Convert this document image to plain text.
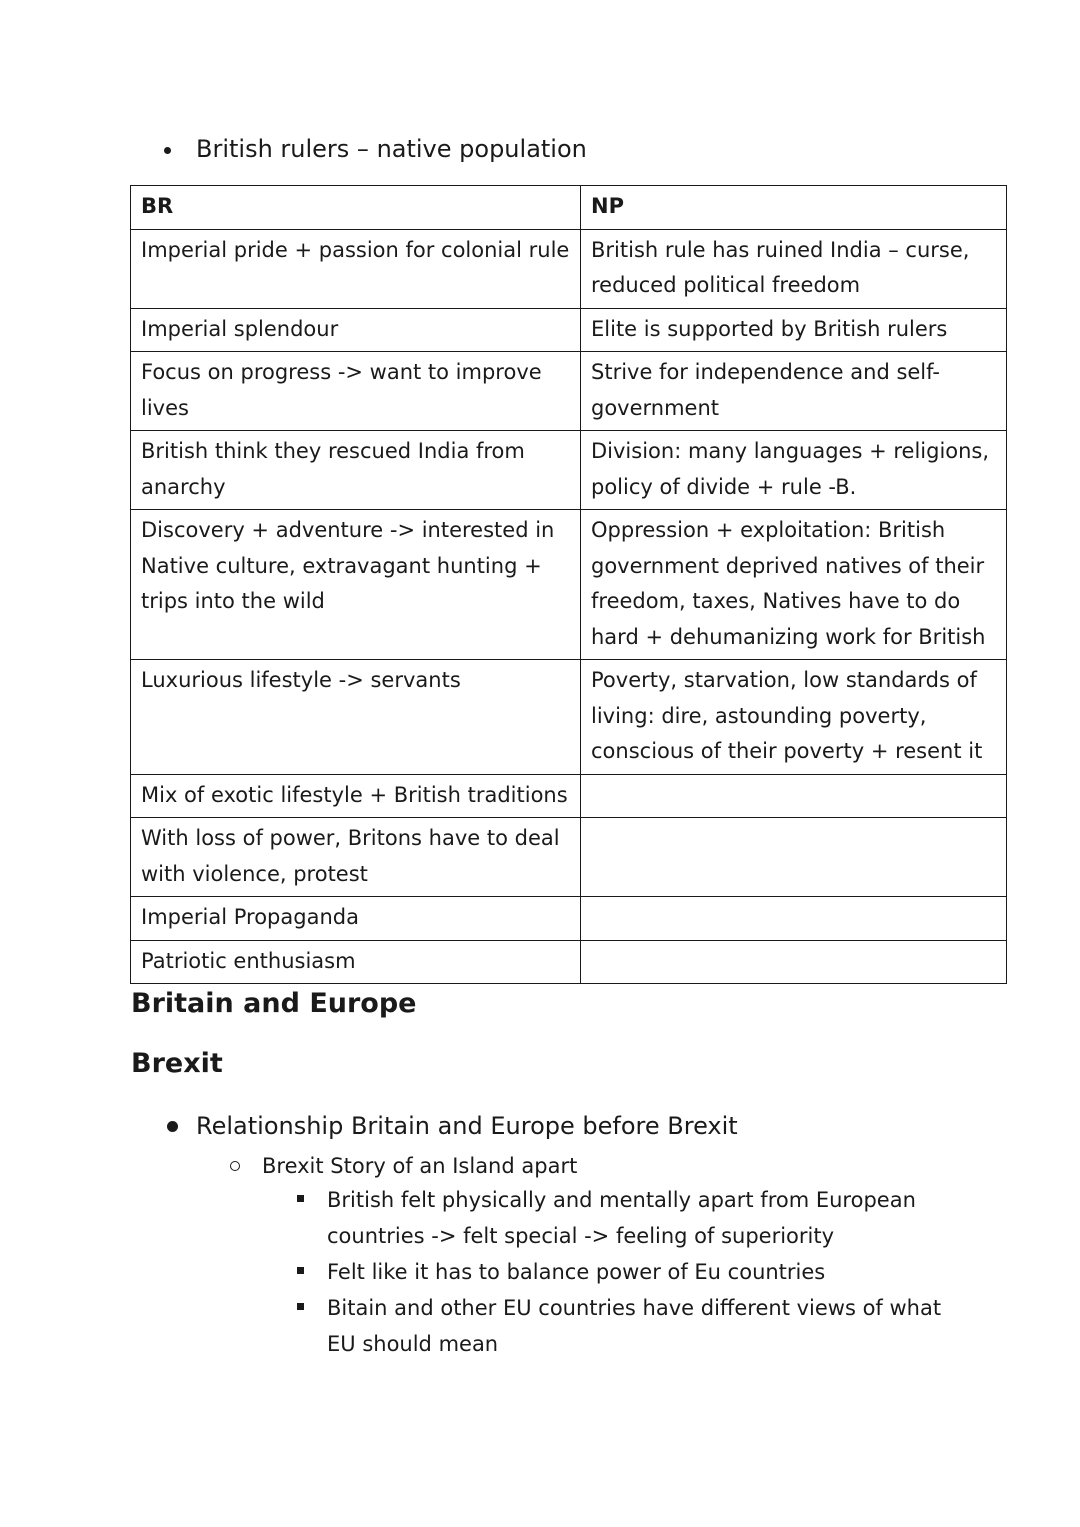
British rulers – native population
BR	NP
Imperial pride + passion for colonial rule	British rule has ruined India – curse, reduced political freedom
Imperial splendour	Elite is supported by British rulers
Focus on progress -> want to improve lives	Strive for independence and self-government
British think they rescued India from anarchy	Division: many languages + religions, policy of divide + rule -B.
Discovery + adventure -> interested in Native culture, extravagant hunting + trips into the wild	Oppression + exploitation: British government deprived natives of their freedom, taxes, Natives have to do hard + dehumanizing work for British
Luxurious lifestyle -> servants	Poverty, starvation, low standards of living: dire, astounding poverty, conscious of their poverty + resent it
Mix of exotic lifestyle + British traditions	
With loss of power, Britons have to deal with violence, protest	
Imperial Propaganda	
Patriotic enthusiasm	
Britain and Europe
Brexit
Relationship Britain and Europe before Brexit
Brexit Story of an Island apart
British felt physically and mentally apart from European
countries -> felt special -> feeling of superiority
Felt like it has to balance power of Eu countries
Bitain and other EU countries have different views of what
EU should mean
